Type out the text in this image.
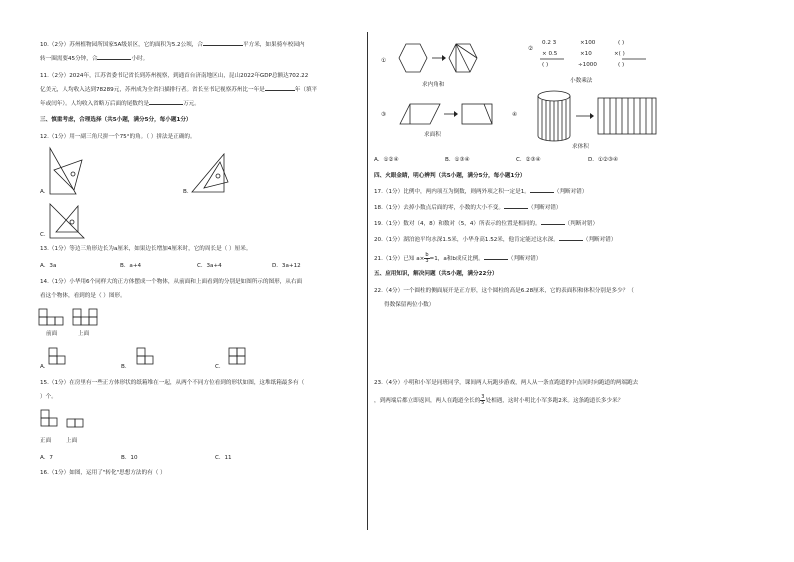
10.（2分）苏州植物园所国家5A级景区，它的面积为5.2公顷，合	平方米，如果骑车校园内
转一圈需要45分钟，合	小时。
11.（2分）2024年，江苏省委书记省长到苏州视察，到通首台济南地区山，昆山2022年GDP总额达702.22
亿美元，人均收入达到78289元，苏州成为全省扫描排行者。省长至书记视察苏州比一年是	年（填平
年或闰年）。人均收入省略万后面的尾数约是	万元。
三、慎重考虑，合理选择（共5小题，满分5分，每小题1分）
12.（1分）用一副三角尺拼一个75°的角。（ ）拼法是正确的。
A.	B.
C.
13.（1分）等边三角形边长为a厘米，如果边长增加4厘米时，它的周长是（ ）厘米。
A．3a	B．a+4	C．3a+4	D．3a+12
14.（1分）小华用6个同样大的正方体摆成一个物体，从前面和上面看到的分别是如图所示的图形，从右面
看这个物体，看到的是（ ）图形。
前面	上面
A.	B.	C.
15.（1分）在房里有一些正方体形状的纸箱堆在一起，从两个不同方位看到的形状如图，这堆纸箱最多有（
）个。
正面	上面
A．7	B．10	C．11
16.（1分）如图，运用了"转化"思想方法的有（ ）
①
求内角和
②
0.2 3	×100	( )
× 0.5	×10	×( )
( )	÷1000	( )
小数乘法
③
求面积
④
求体积
A．①②④	B．①③④	C．②③④	D．①②③④
四、火眼金睛，明心辨判（共5小题，满分5分，每小题1分）
17.（1分）比例中，两内项互为倒数，则两外项之积一定是1。	（判断对错）
18.（1分）去掉小数点后面的零，小数的大小不变。	（判断对错）
19.（1分）数对（4，8）和数对（5，4）所表示的位置是相同的。	（判断对错）
20.（1分）湖泊池平均水深1.5米，小华身高1.52米，他肯定能过这水深。	（判断对错）
21.（1分）已知 $a\times \frac{b}{3} =1$，a和b成反比例。	（判断对错）
五、应用知识，解决问题（共5小题，满分22分）
22.（4分）一个圆柱的侧面展开是正方形，这个圆柱的高是6.28厘米，它的表面积和体积分别是多少？（
得数保留两位小数）
23.（4分）小明和小军是同班同学，课间两人玩跑步游戏，两人从一条直跑道的中点同时向跑道的两端跑去
，到两端后都立即返回，两人在跑道全长的 $\frac{3}{5}$ 处相遇，这时小明比小军多跑2米。这条跑道长多少米？
